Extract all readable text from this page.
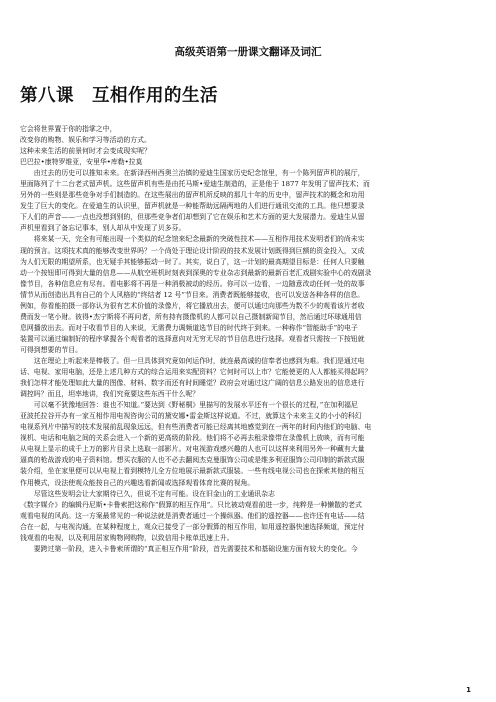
高级英语第一册课文翻译及词汇
第八课　互相作用的生活
它会将世界置于你的指掌之中，
改变你的购物、娱乐和学习等活动的方式。
这种未来生活的前景何时才会变成现实呢？
巴巴拉•康特罗维亚，安里华•库勒•拉莫
　　由过去的历史可以推知未来。在新泽西州西奥兰治镇的爱迪生国家历史纪念馆里，有一个陈列留声机的展厅，
里面陈列了十二台老式留声机。这些留声机有些是由托马斯•爱迪生制造的，正是他于 1877 年发明了留声技术；而
另外的一些则是那些竞争对手们制造的。在这些展出的留声机所反映的那几十年的历史中，留声技术的概念和功用
发生了巨大的变化。在爱迪生的认识里，留声机就是一种能帮助远隔两地的人们进行通讯交流的工具。他只想要录
下人们的声音——一点也没想到别的，但那些竞争者们却想到了它在娱乐和艺术方面的更大发展潜力。爱迪生从留
声机里看到了备忘记事本，别人却从中发现了贝多芬。
　　将来某一天，完全有可能出现一个类似的纪念馆来纪念最新的突破性技术——互相作用技术发明者们的尚未实
现的预言。这项技术真的能够改变世界吗？一个尚处于理论设计阶段的技术发展计划既得到巨额的资金投入，又成
为人们无限的期望所系，也无疑手其能够振动一时了。其实，说白了，这一计划的最高期望目标是：任何人只要触
动一个按钮即可得到大量的信息——从航空班机时刻表到深奥的专业杂志到最新的最新百老汇戏剧实验中心的戏剧录
像节目，各种信息应有尽有。看电影将不再是一种消极被动的经历。你可以一边看，一边随意改动任何一处的故事
情节从而创造出具有自己的个人风格的“终结者 12 号”节目来。消费者既能够接收，也可以发送各种各样的信息。
例如，你看能拍摄一部你认为很有艺术价值的录像片，将它播放出去，便可以通过向那些为数不少的观看该片者收
费而发一笔小财。彼得•杰宁斯将不再问者，所有持有摄像机的人都可以自己摄制新闻节目，然后通过环球通用信
息网播放出去。而对于收看节目的人来说，无需费力调频道选节目的时代终于到来。一种称作“智能助手”的电子
装置可以通过编制好的程序掌握各个观看者的选择意向对无穷无尽的节目信息进行选择。观看者只需按一下按钮就
可得到想要的节目。
　　这在理论上听起来是棒极了。但一旦具体到究竟如何运作时，就连最高诚的信奉者也感到为难。我们是通过电
话、电视、家用电脑，还是上述几种方式的综合运用来实配资料？它何时可以上市？它能使更的人人都能买得起吗？
我们怎样才能处理如此大量的图像、材料、数字而还有时间睡觉？政府会对通过这广阔的信息公路发出的信息进行
调控吗？而且，坦率地讲，我们究竟要这些东西干什么呢？
　　可以毫不犹豫地回答：谁也不知道。”要达到《野秘桐》里描写的发展水平还有一个很长的过程，”在加利福尼
亚波托拉谷开办有一家互相作用电视咨询公司的黛安娜•雷金斯这样说道。不过，就算这个未来主义的小小的科幻
电视系列片中描写的技术发展前乱现象远远，但有些消费者可能已经离其地感觉到在一两年的时间内他们的电脑、电
视机、电话和电脑之间的关系会进入一个新的更高级的阶段。他们将不必再去租录像带在录像机上放映，而有可能
从电视上显示的成千上万的影片目录上选取一部影片。对电视游戏感兴趣的人也可以这样来利用另外一种藏有大量
逼真的枪战游戏的电子资料馆。想买衣服的人也不必去翻阅杰克曼服饰公司或是维多利亚服饰公司印制的新款式服
装介绍，坐在家里便可以从电视上看到模特儿全方位地展示最新款式服装。一些有线电视公司也在探索其他的相互
作用模式，设法使观众能按自己的兴趣选看新闻或选择观看体育比赛的视角。
　　尽管这些发明会让大家期待已久，但说不定有可能。设在旧金山的工业通讯杂志
《数字媒介》的编辑丹尼斯•卡鲁索把这称作“假算的相互作用”。只比被动观看前进一步，纯粹是一种懒散的老式
观看电视的风尚。这一方案最常见的一种说法就是消费者通过一个操纵器。他们的遥控器——也许还有电话——结
合在一起，与电视沟通。在某种程度上，观众已接受了一部分假算的相互作用，如用遥控器快速选择频道，预定付
钱观看的电视，以及利用居家购物网购物，以致信用卡账单迅速上升。
　　要跨过第一阶段，进入卡鲁索所谓的“真正相互作用”阶段，首先需要技术和基础设施方面有较大的变化。今
1
